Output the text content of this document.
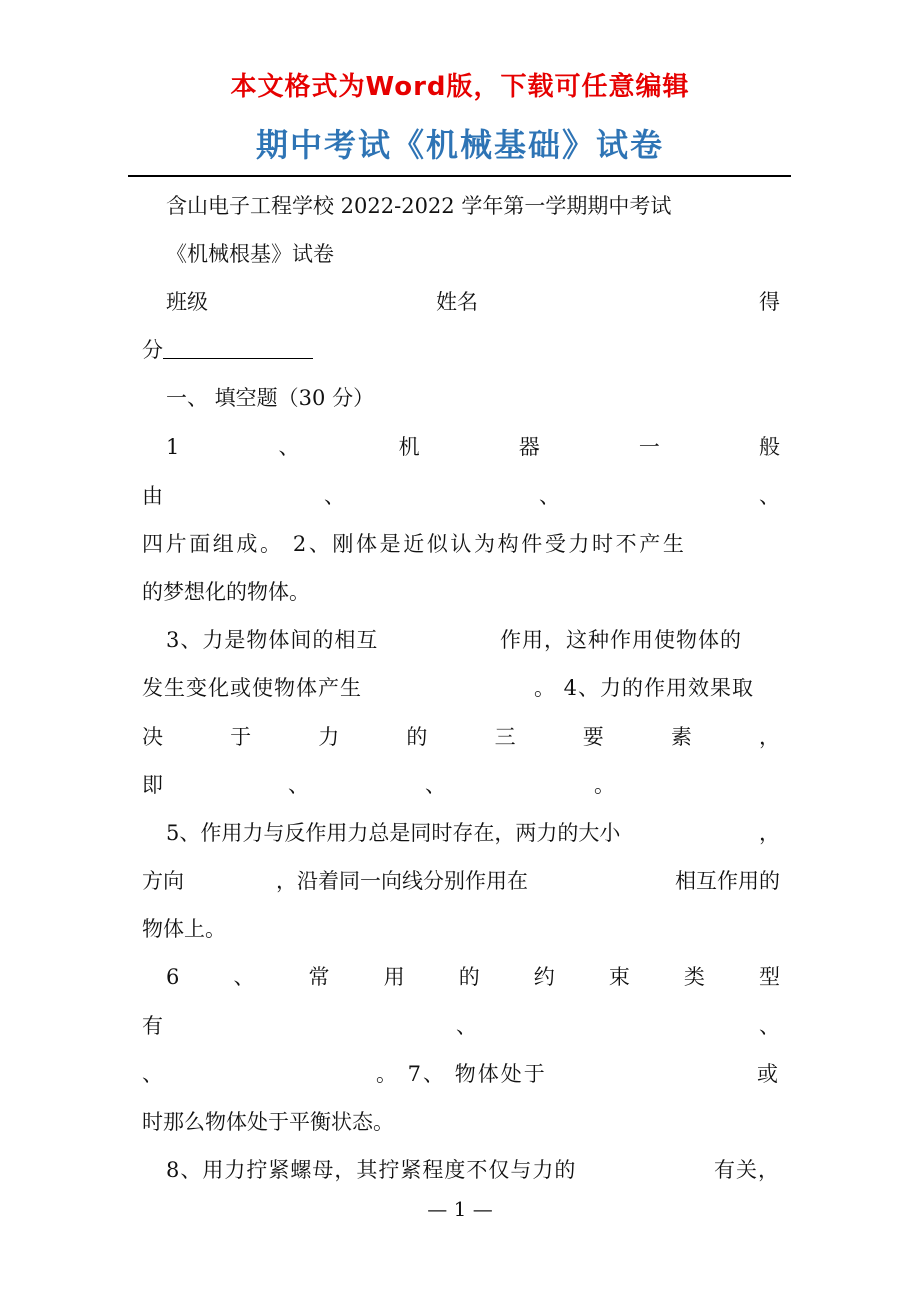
本文格式为Word版，下载可任意编辑
期中考试《机械基础》试卷
含山电子工程学校 2022-2022 学年第一学期期中考试
《机械根基》试卷
班级	姓名	得
分
一、 填空题（30 分）
1	、	机	器	一	般
由	、	、	、
四片面组成。 2、刚体是近似认为构件受力时不产生
的梦想化的物体。
3、力是物体间的相互	作用，这种作用使物体的
发生变化或使物体产生	。 4、力的作用效果取
决	于	力	的	三	要	素	，
即	、	、	。
5、作用力与反作用力总是同时存在，两力的大小	，
方向	，沿着同一向线分别作用在	相互作用的
物体上。
6	、	常	用	的	约	束	类	型
有	、	、
、	。 7、 物体处于	或
时那么物体处于平衡状态。
8、用力拧紧螺母，其拧紧程度不仅与力的	有关，
— 1 —
